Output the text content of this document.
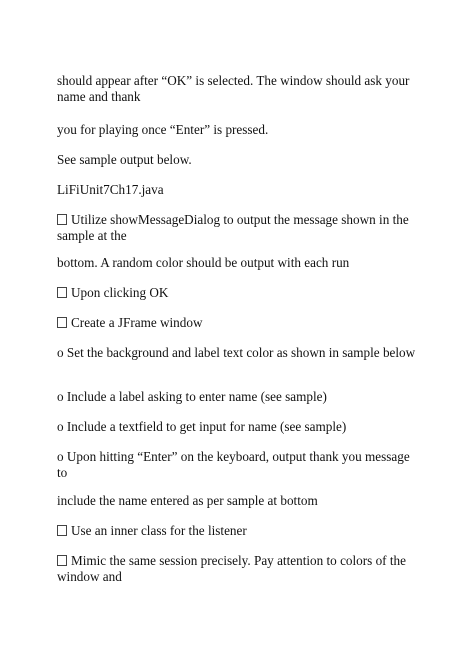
should appear after “OK” is selected. The window should ask your name and thank

you for playing once “Enter” is pressed.

See sample output below.

LiFiUnit7Ch17.java

Utilize showMessageDialog to output the message shown in the sample at the

bottom. A random color should be output with each run

Upon clicking OK

Create a JFrame window

o Set the background and label text color as shown in sample below

o Include a label asking to enter name (see sample)

o Include a textfield to get input for name (see sample)

o Upon hitting “Enter” on the keyboard, output thank you message to

include the name entered as per sample at bottom

Use an inner class for the listener

Mimic the same session precisely. Pay attention to colors of the window and
